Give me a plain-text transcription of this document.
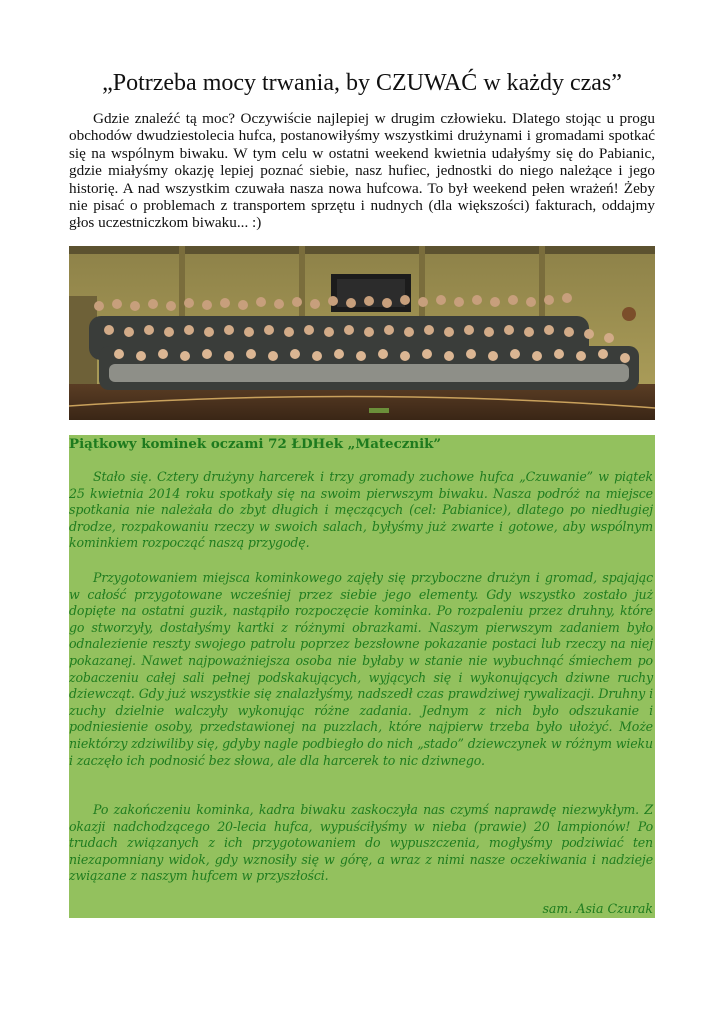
„Potrzeba mocy trwania, by CZUWAĆ w każdy czas”

Gdzie znaleźć tą moc? Oczywiście najlepiej w drugim człowieku. Dlatego stojąc u progu obchodów dwudziestolecia hufca, postanowiłyśmy wszystkimi drużynami i gromadami spotkać się na wspólnym biwaku. W tym celu w ostatni weekend kwietnia udałyśmy się do Pabianic, gdzie miałyśmy okazję lepiej poznać siebie, nasz hufiec, jednostki do niego należące i jego historię. A nad wszystkim czuwała nasza nowa hufcowa. To był weekend pełen wrażeń! Żeby nie pisać o problemach z transportem sprzętu i nudnych (dla większości) fakturach, oddajmy głos uczestniczkom biwaku... :)

Piątkowy kominek oczami 72 ŁDHek „Matecznik”

Stało się. Cztery drużyny harcerek i trzy gromady zuchowe hufca „Czuwanie” w piątek 25 kwietnia 2014 roku spotkały się na swoim pierwszym biwaku. Nasza podróż na miejsce spotkania nie należała do zbyt długich i męczących (cel: Pabianice), dlatego po niedługiej drodze, rozpakowaniu rzeczy w swoich salach, byłyśmy już zwarte i gotowe, aby wspólnym kominkiem rozpocząć naszą przygodę.

Przygotowaniem miejsca kominkowego zajęły się przyboczne drużyn i gromad, spajając w całość przygotowane wcześniej przez siebie jego elementy. Gdy wszystko zostało już dopięte na ostatni guzik, nastąpiło rozpoczęcie kominka. Po rozpaleniu przez druhny, które go stworzyły, dostałyśmy kartki z różnymi obrazkami. Naszym pierwszym zadaniem było odnalezienie reszty swojego patrolu poprzez bezsłowne pokazanie postaci lub rzeczy na niej pokazanej. Nawet najpoważniejsza osoba nie byłaby w stanie nie wybuchnąć śmiechem po zobaczeniu całej sali pełnej podskakujących, wyjących się i wykonujących dziwne ruchy dziewcząt. Gdy już wszystkie się znalazłyśmy, nadszedł czas prawdziwej rywalizacji. Druhny i zuchy dzielnie walczyły wykonując różne zadania. Jednym z nich było odszukanie i podniesienie osoby, przedstawionej na puzzlach, które najpierw trzeba było ułożyć. Może niektórzy zdziwiliby się, gdyby nagle podbiegło do nich „stado” dziewczynek w różnym wieku i zaczęło ich podnosić bez słowa, ale dla harcerek to nic dziwnego.

Po zakończeniu kominka, kadra biwaku zaskoczyła nas czymś naprawdę niezwykłym. Z okazji nadchodzącego 20-lecia hufca, wypuściłyśmy w nieba (prawie) 20 lampionów! Po trudach związanych z ich przygotowaniem do wypuszczenia, mogłyśmy podziwiać ten niezapomniany widok, gdy wznosiły się w górę, a wraz z nimi nasze oczekiwania i nadzieje związane z naszym hufcem w przyszłości.

sam. Asia Czurak
